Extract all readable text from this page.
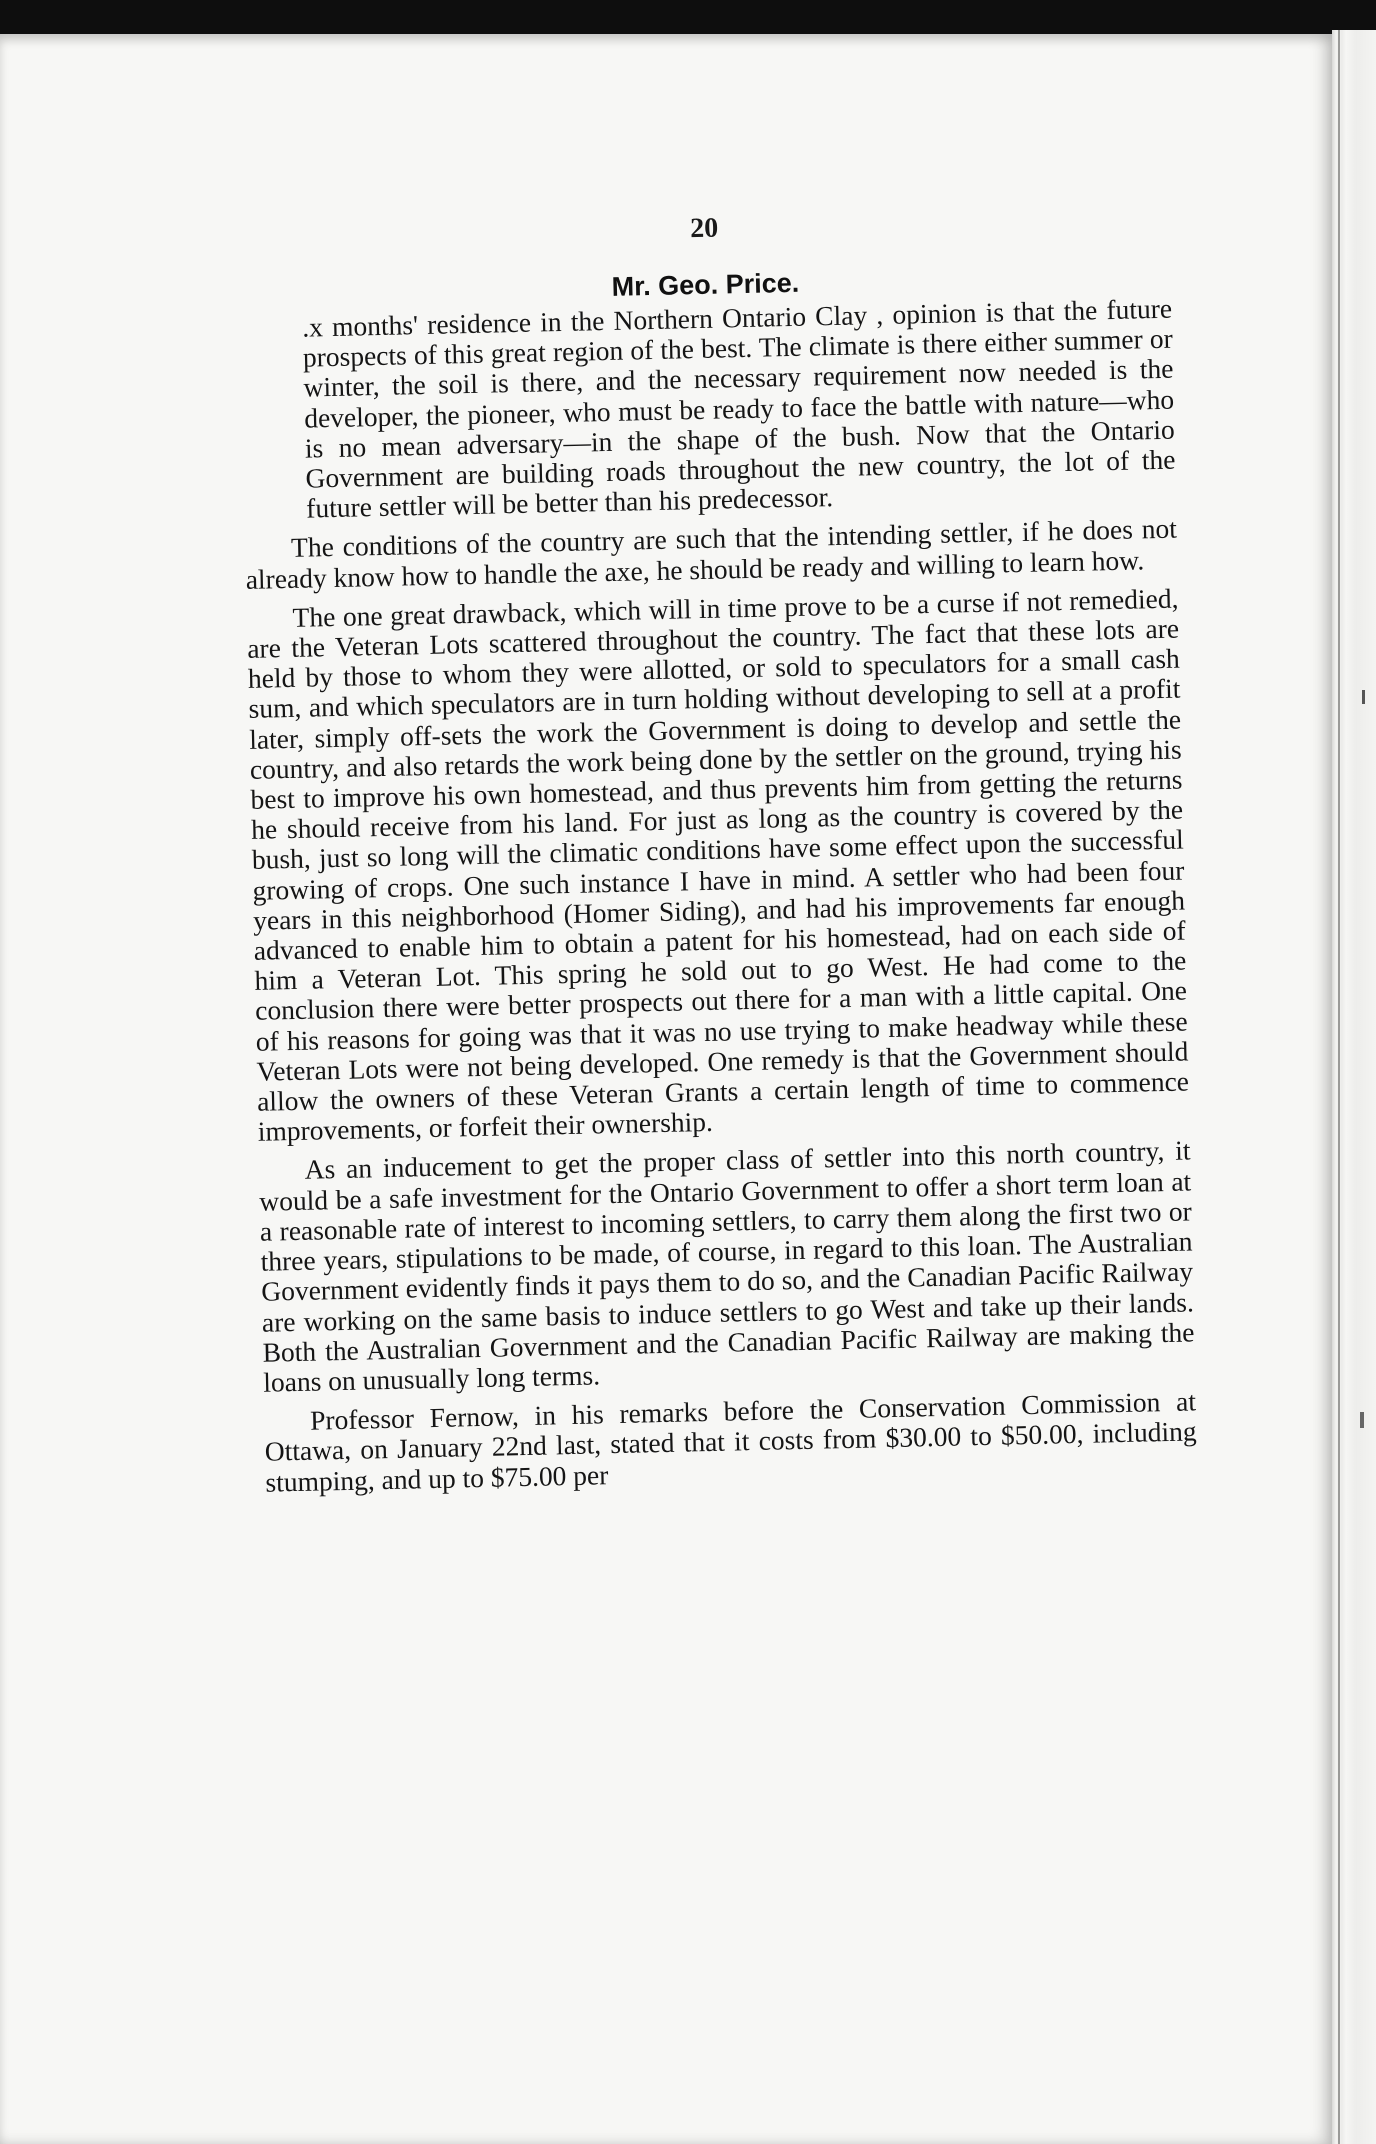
20
Mr. Geo. Price.

.x months' residence in the Northern Ontario Clay , opinion is that the future prospects of this great region of the best. The climate is there either summer or winter, the soil is there, and the necessary requirement now needed is the developer, the pioneer, who must be ready to face the battle with nature—who is no mean adversary—in the shape of the bush. Now that the Ontario Government are building roads throughout the new country, the lot of the future settler will be better than his predecessor.

The conditions of the country are such that the intending settler, if he does not already know how to handle the axe, he should be ready and willing to learn how.

The one great drawback, which will in time prove to be a curse if not remedied, are the Veteran Lots scattered throughout the country. The fact that these lots are held by those to whom they were allotted, or sold to speculators for a small cash sum, and which speculators are in turn holding without developing to sell at a profit later, simply off-sets the work the Government is doing to develop and settle the country, and also retards the work being done by the settler on the ground, trying his best to improve his own homestead, and thus prevents him from getting the returns he should receive from his land. For just as long as the country is covered by the bush, just so long will the climatic conditions have some effect upon the successful growing of crops. One such instance I have in mind. A settler who had been four years in this neighborhood (Homer Siding), and had his improvements far enough advanced to enable him to obtain a patent for his homestead, had on each side of him a Veteran Lot. This spring he sold out to go West. He had come to the conclusion there were better prospects out there for a man with a little capital. One of his reasons for going was that it was no use trying to make headway while these Veteran Lots were not being developed. One remedy is that the Government should allow the owners of these Veteran Grants a certain length of time to commence improvements, or forfeit their ownership.

As an inducement to get the proper class of settler into this north country, it would be a safe investment for the Ontario Government to offer a short term loan at a reasonable rate of interest to incoming settlers, to carry them along the first two or three years, stipulations to be made, of course, in regard to this loan. The Australian Government evidently finds it pays them to do so, and the Canadian Pacific Railway are working on the same basis to induce settlers to go West and take up their lands. Both the Australian Government and the Canadian Pacific Railway are making the loans on unusually long terms.

Professor Fernow, in his remarks before the Conservation Commission at Ottawa, on January 22nd last, stated that it costs from $30.00 to $50.00, including stumping, and up to $75.00 per
